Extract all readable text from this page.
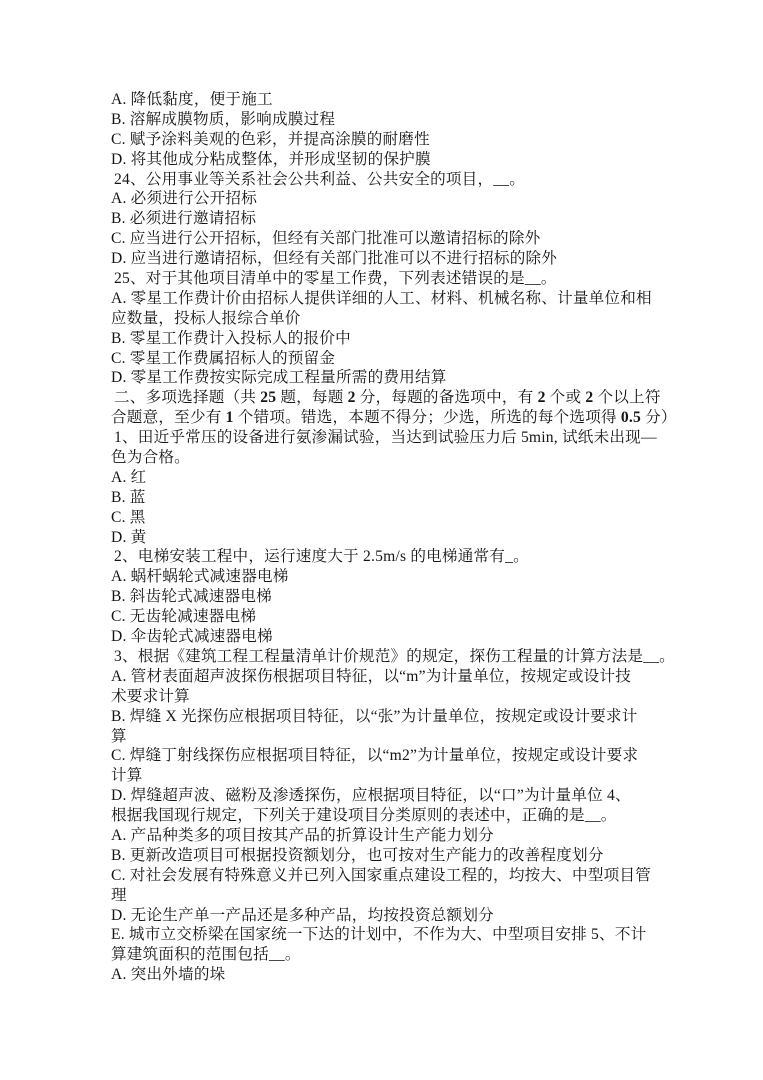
A. 降低黏度，便于施工
B. 溶解成膜物质，影响成膜过程
C. 赋予涂料美观的色彩，并提高涂膜的耐磨性
D. 将其他成分粘成整体，并形成坚韧的保护膜
24、公用事业等关系社会公共利益、公共安全的项目，__。
A. 必须进行公开招标
B. 必须进行邀请招标
C. 应当进行公开招标，但经有关部门批准可以邀请招标的除外
D. 应当进行邀请招标，但经有关部门批准可以不进行招标的除外
25、对于其他项目清单中的零星工作费，下列表述错误的是__。
A. 零星工作费计价由招标人提供详细的人工、材料、机械名称、计量单位和相
应数量，投标人报综合单价
B. 零星工作费计入投标人的报价中
C. 零星工作费属招标人的预留金
D. 零星工作费按实际完成工程量所需的费用结算
二、多项选择题（共 25 题，每题 2 分，每题的备选项中，有 2 个或 2 个以上符
合题意，至少有 1 个错项。错选，本题不得分；少选，所选的每个选项得 0.5 分）
1、田近乎常压的设备进行氨渗漏试验，当达到试验压力后 5min, 试纸未出现—
色为合格。
A. 红
B. 蓝
C. 黑
D. 黄
2、电梯安装工程中，运行速度大于 2.5m/s 的电梯通常有_。
A. 蜗杆蜗轮式减速器电梯
B. 斜齿轮式减速器电梯
C. 无齿轮减速器电梯
D. 伞齿轮式减速器电梯
3、根据《建筑工程工程量清单计价规范》的规定，探伤工程量的计算方法是__。
A. 管材表面超声波探伤根据项目特征，以“m”为计量单位，按规定或设计技
术要求计算
B. 焊缝 X 光探伤应根据项目特征，以“张”为计量单位，按规定或设计要求计
算
C. 焊缝丁射线探伤应根据项目特征，以“m2”为计量单位，按规定或设计要求
计算
D. 焊缝超声波、磁粉及渗透探伤，应根据项目特征，以“口”为计量单位 4、
根据我国现行规定，下列关于建设项目分类原则的表述中，正确的是__。
A. 产品种类多的项目按其产品的折算设计生产能力划分
B. 更新改造项目可根据投资额划分，也可按对生产能力的改善程度划分
C. 对社会发展有特殊意义并已列入国家重点建设工程的，均按大、中型项目管
理
D. 无论生产单一产品还是多种产品，均按投资总额划分
E. 城市立交桥梁在国家统一下达的计划中，不作为大、中型项目安排 5、不计
算建筑面积的范围包括__。
A. 突出外墙的垛
